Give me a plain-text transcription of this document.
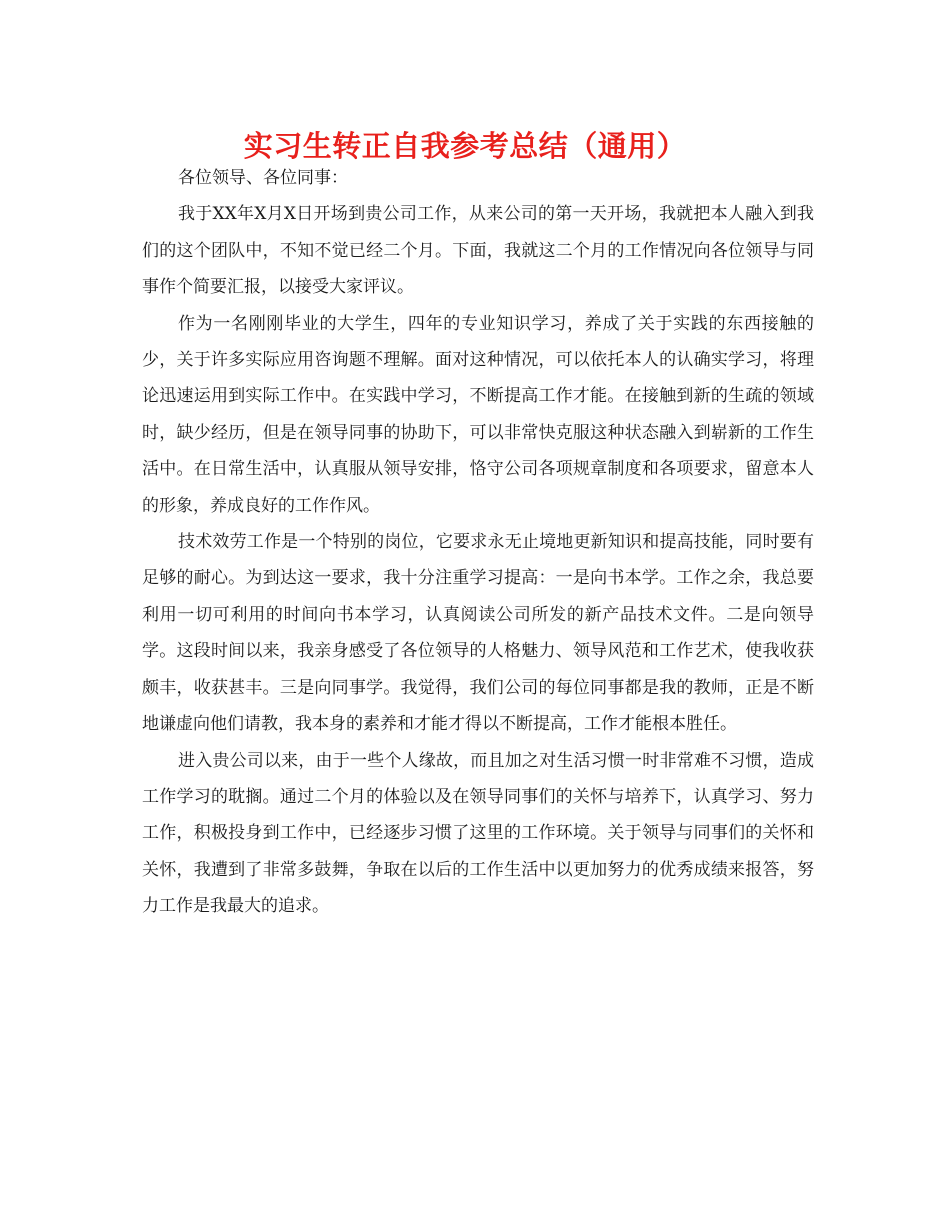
实习生转正自我参考总结（通用）

各位领导、各位同事：

我于XX年X月X日开场到贵公司工作，从来公司的第一天开场，我就把本人融入到我们的这个团队中，不知不觉已经二个月。下面，我就这二个月的工作情况向各位领导与同事作个简要汇报，以接受大家评议。

作为一名刚刚毕业的大学生，四年的专业知识学习，养成了关于实践的东西接触的少，关于许多实际应用咨询题不理解。面对这种情况，可以依托本人的认确实学习，将理论迅速运用到实际工作中。在实践中学习，不断提高工作才能。在接触到新的生疏的领域时，缺少经历，但是在领导同事的协助下，可以非常快克服这种状态融入到崭新的工作生活中。在日常生活中，认真服从领导安排，恪守公司各项规章制度和各项要求，留意本人的形象，养成良好的工作作风。

技术效劳工作是一个特别的岗位，它要求永无止境地更新知识和提高技能，同时要有足够的耐心。为到达这一要求，我十分注重学习提高：一是向书本学。工作之余，我总要利用一切可利用的时间向书本学习，认真阅读公司所发的新产品技术文件。二是向领导学。这段时间以来，我亲身感受了各位领导的人格魅力、领导风范和工作艺术，使我收获颇丰，收获甚丰。三是向同事学。我觉得，我们公司的每位同事都是我的教师，正是不断地谦虚向他们请教，我本身的素养和才能才得以不断提高，工作才能根本胜任。

进入贵公司以来，由于一些个人缘故，而且加之对生活习惯一时非常难不习惯，造成工作学习的耽搁。通过二个月的体验以及在领导同事们的关怀与培养下，认真学习、努力工作，积极投身到工作中，已经逐步习惯了这里的工作环境。关于领导与同事们的关怀和关怀，我遭到了非常多鼓舞，争取在以后的工作生活中以更加努力的优秀成绩来报答，努力工作是我最大的追求。
